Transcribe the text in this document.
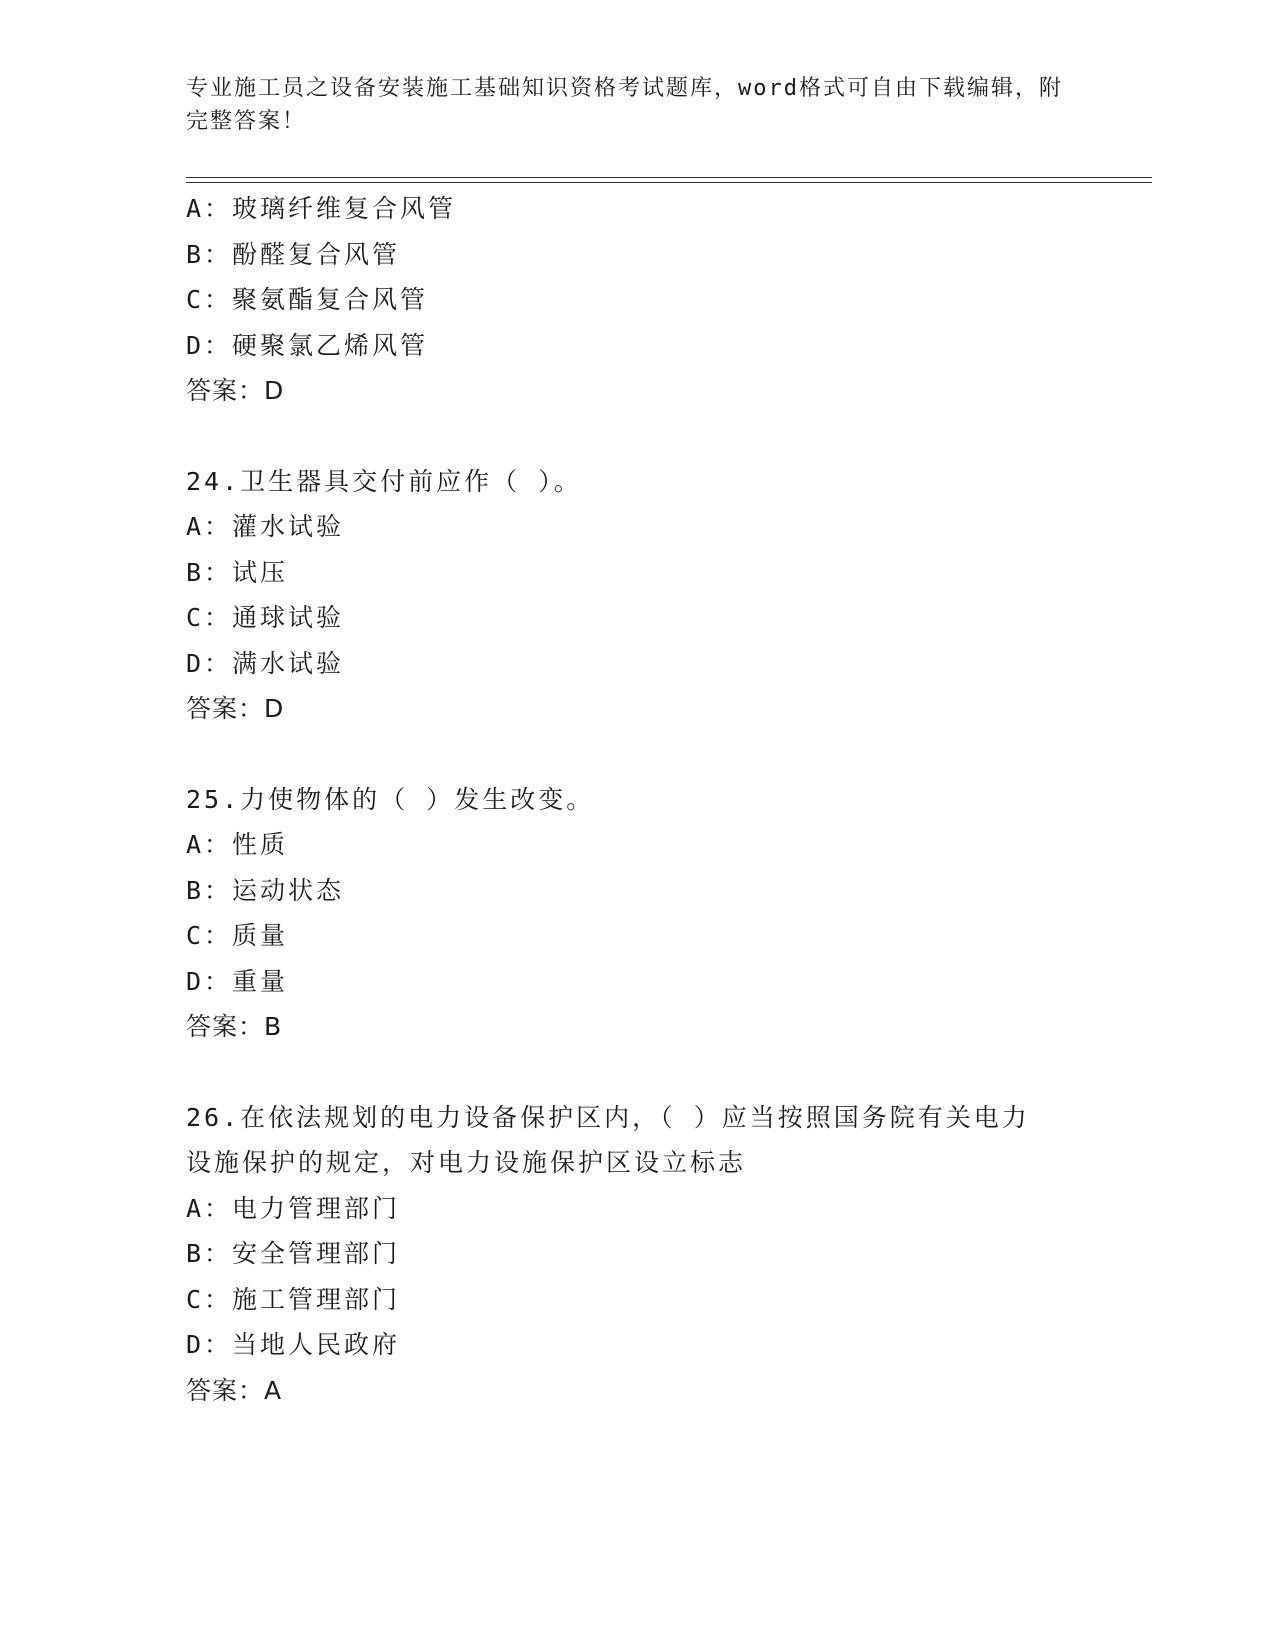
专业施工员之设备安装施工基础知识资格考试题库，word格式可自由下载编辑，附完整答案！

A：玻璃纤维复合风管
B：酚醛复合风管
C：聚氨酯复合风管
D：硬聚氯乙烯风管
答案：D
24.卫生器具交付前应作（ ）。
A：灌水试验
B：试压
C：通球试验
D：满水试验
答案：D
25.力使物体的（ ）发生改变。
A：性质
B：运动状态
C：质量
D：重量
答案：B
26.在依法规划的电力设备保护区内，（ ）应当按照国务院有关电力设施保护的规定，对电力设施保护区设立标志
A：电力管理部门
B：安全管理部门
C：施工管理部门
D：当地人民政府
答案：A
